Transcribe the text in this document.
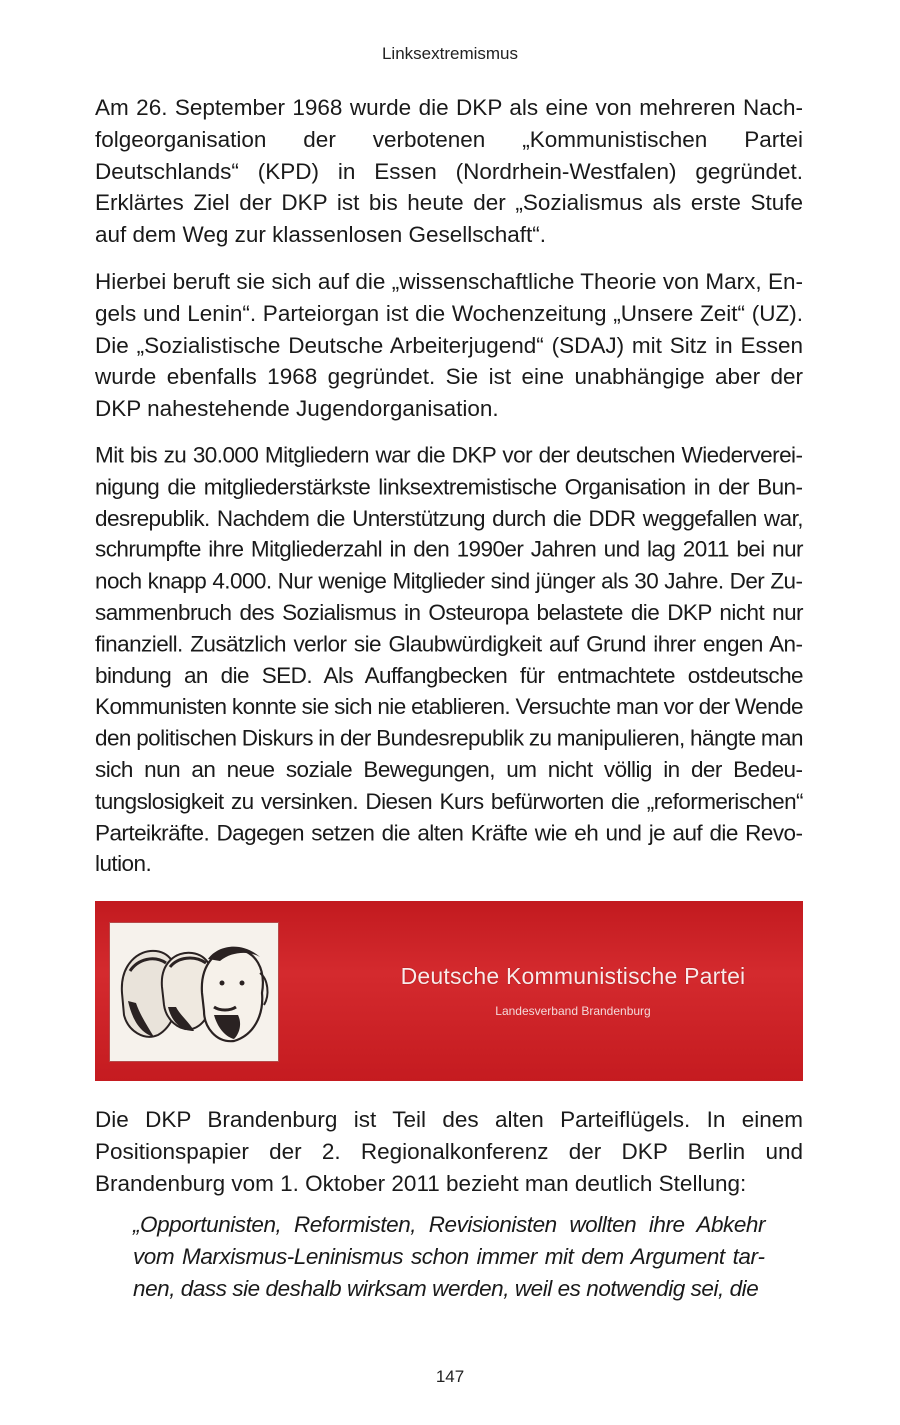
Linksextremismus

Am 26. September 1968 wurde die DKP als eine von mehreren Nachfolgeorganisation der verbotenen „Kommunistischen Partei Deutschlands“ (KPD) in Essen (Nordrhein-Westfalen) gegründet. Erklärtes Ziel der DKP ist bis heute der „Sozialismus als erste Stufe auf dem Weg zur klassenlosen Gesellschaft“.

Hierbei beruft sie sich auf die „wissenschaftliche Theorie von Marx, Engels und Lenin“. Parteiorgan ist die Wochenzeitung „Unsere Zeit“ (UZ). Die „Sozialistische Deutsche Arbeiterjugend“ (SDAJ) mit Sitz in Essen wurde ebenfalls 1968 gegründet. Sie ist eine unabhängige aber der DKP nahestehende Jugendorganisation.

Mit bis zu 30.000 Mitgliedern war die DKP vor der deutschen Wiedervereinigung die mitgliederstärkste linksextremistische Organisation in der Bundesrepublik. Nachdem die Unterstützung durch die DDR weggefallen war, schrumpfte ihre Mitgliederzahl in den 1990er Jahren und lag 2011 bei nur noch knapp 4.000. Nur wenige Mitglieder sind jünger als 30 Jahre. Der Zusammenbruch des Sozialismus in Osteuropa belastete die DKP nicht nur finanziell. Zusätzlich verlor sie Glaubwürdigkeit auf Grund ihrer engen Anbindung an die SED. Als Auffangbecken für entmachtete ostdeutsche Kommunisten konnte sie sich nie etablieren. Versuchte man vor der Wende den politischen Diskurs in der Bundesrepublik zu manipulieren, hängte man sich nun an neue soziale Bewegungen, um nicht völlig in der Bedeutungslosigkeit zu versinken. Diesen Kurs befürworten die „reformerischen“ Parteikräfte. Dagegen setzen die alten Kräfte wie eh und je auf die Revolution.

Deutsche Kommunistische Partei
Landesverband Brandenburg

Die DKP Brandenburg ist Teil des alten Parteiflügels. In einem Positionspapier der 2. Regionalkonferenz der DKP Berlin und Brandenburg vom 1. Oktober 2011 bezieht man deutlich Stellung:

„Opportunisten, Reformisten, Revisionisten wollten ihre Abkehr vom Marxismus-Leninismus schon immer mit dem Argument tarnen, dass sie deshalb wirksam werden, weil es notwendig sei, die
147
